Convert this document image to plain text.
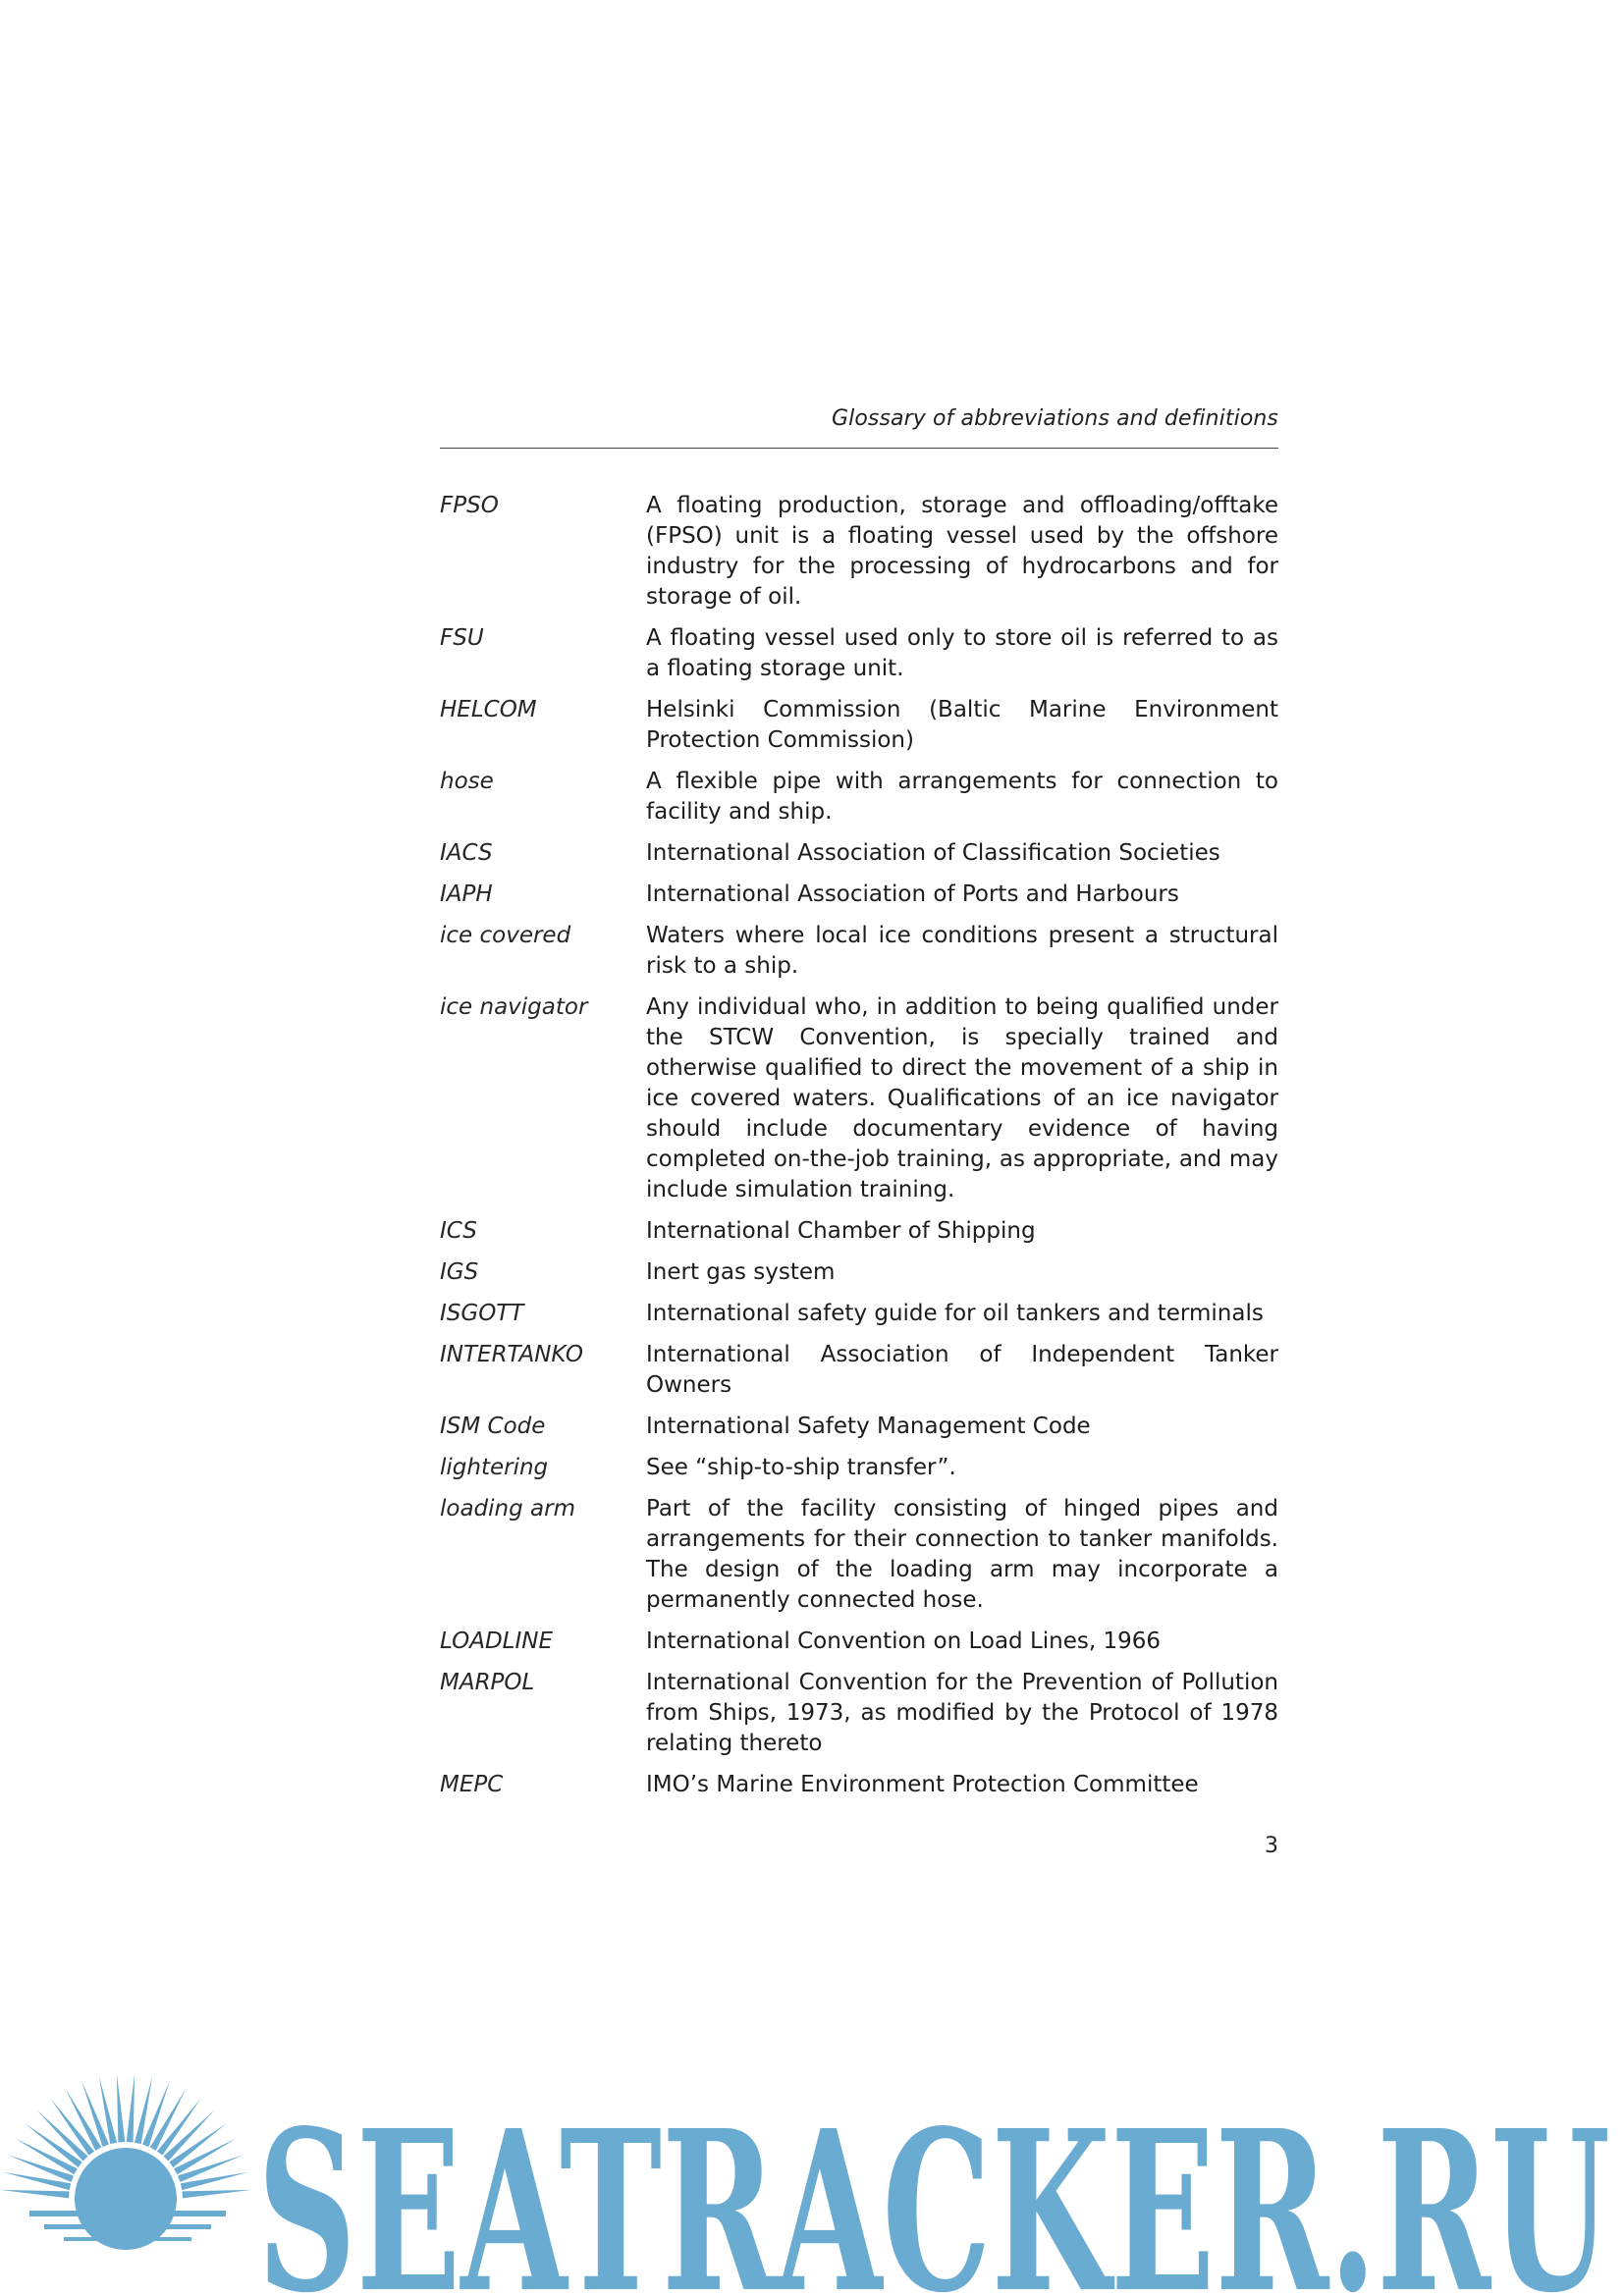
Glossary of abbreviations and definitions
FPSO	A floating production, storage and offloading/offtake (FPSO) unit is a floating vessel used by the offshore industry for the processing of hydrocarbons and for storage of oil.
FSU	A floating vessel used only to store oil is referred to as a floating storage unit.
HELCOM	Helsinki Commission (Baltic Marine Environment Protection Commission)
hose	A flexible pipe with arrangements for connection to facility and ship.
IACS	International Association of Classification Societies
IAPH	International Association of Ports and Harbours
ice covered	Waters where local ice conditions present a structural risk to a ship.
ice navigator	Any individual who, in addition to being qualified under the STCW Convention, is specially trained and otherwise qualified to direct the movement of a ship in ice covered waters. Qualifications of an ice navigator should include documentary evidence of having completed on-the-job training, as appropriate, and may include simulation training.
ICS	International Chamber of Shipping
IGS	Inert gas system
ISGOTT	International safety guide for oil tankers and terminals
INTERTANKO	International Association of Independent Tanker Owners
ISM Code	International Safety Management Code
lightering	See “ship-to-ship transfer”.
loading arm	Part of the facility consisting of hinged pipes and arrangements for their connection to tanker manifolds. The design of the loading arm may incorporate a permanently connected hose.
LOADLINE	International Convention on Load Lines, 1966
MARPOL	International Convention for the Prevention of Pollution from Ships, 1973, as modified by the Protocol of 1978 relating thereto
MEPC	IMO’s Marine Environment Protection Committee
3
SEATRACKER.RU
